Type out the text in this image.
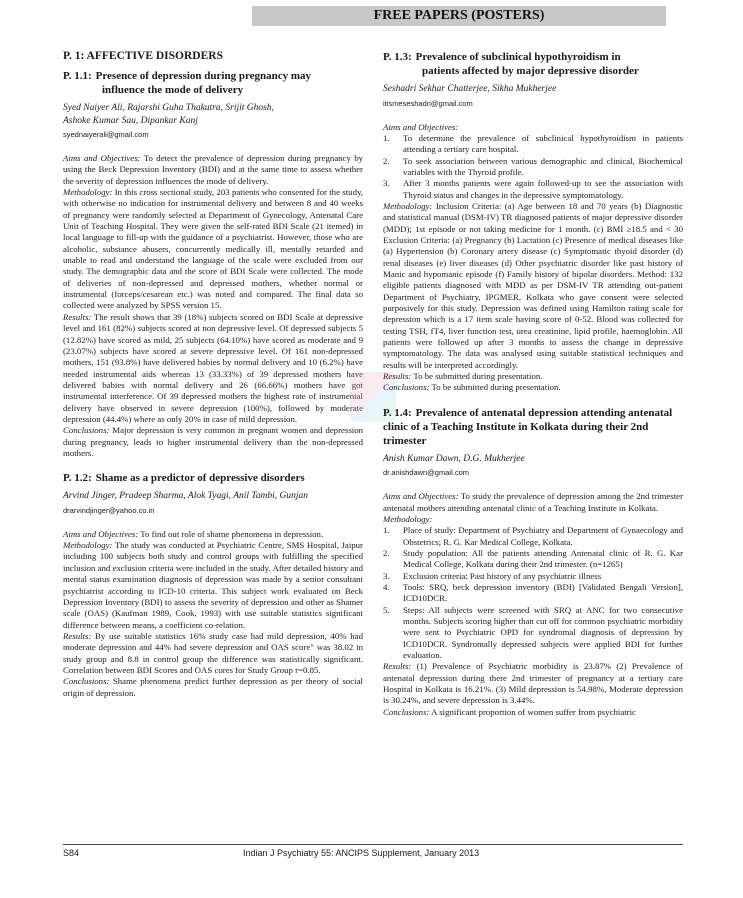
FREE PAPERS (POSTERS)
P. 1: AFFECTIVE DISORDERS
P. 1.1: Presence of depression during pregnancy may
influence the mode of delivery

Syed Naiyer Ali, Rajarshi Guha Thakutra, Srijit Ghosh,

Ashoke Kumar Sau, Dipankar Kanj

syednaiyerali@gmail.com

Aims and Objectives: To detect the prevalence of depression during pregnancy by using the Beck Depression Inventory (BDI) and at the same time to assess whether the severity of depression influences the mode of delivery.

Methodology: In this cross sectional study, 203 patients who consented for the study, with otherwise no indication for instrumental delivery and between 8 and 40 weeks of pregnancy were randomly selected at Department of Gynecology, Antenatal Care Unit of Teaching Hospital. They were given the self-rated BDI Scale (21 itemed) in local language to fill-up with the guidance of a psychiatrist. However, those who are alcoholic, substance abusers, concurrently medically ill, mentally retarded and unable to read and understand the language of the scale were excluded from our study. The demographic data and the score of BDI Scale were collected. The mode of deliveries of non-depressed and depressed mothers, whether normal or instrumental (forceps/cesarean etc.) was noted and compared. The final data so collected were analyzed by SPSS version 15.

Results: The result shows that 39 (18%) subjects scored on BDI Scale at depressive level and 161 (82%) subjects scored at non depressive level. Of depressed subjects 5 (12.82%) have scored as mild, 25 subjects (64.10%) have scored as moderate and 9 (23.07%) subjects have scored at severe depressive level. Of 161 non-depressed mothers, 151 (93.8%) have delivered babies by normal delivery and 10 (6.2%) have needed instrumental aids whereas 13 (33.33%) of 39 depressed mothers have delivered babies with normal delivery and 26 (66.66%) mothers have got instrumental interference. Of 39 depressed mothers the highest rate of instrumental delivery have observed in severe depression (100%), followed by moderate depression (44.4%) where as only 20% in case of mild depression.

Conclusions: Major depression is very common in pregnant women and depression during pregnancy, leads to higher instrumental delivery than the non-depressed mothers.

P. 1.2: Shame as a predictor of depressive disorders

Arvind Jinger, Pradeep Sharma, Alok Tyagi, Anil Tambi, Gunjan

drarvindjinger@yahoo.co.in

Aims and Objectives: To find out role of shame phenomena in depression.

Methodology: The study was conducted at Psychiatric Centre, SMS Hospital, Jaipur including 100 subjects both study and control groups with fulfilling the specified inclusion and exclusion criteria were included in the study. After detailed history and mental status examination diagnosis of depression was made by a senior consultant psychiatrist according to ICD-10 criteria. This subject work evaluated on Beck Depression Inventory (BDI) to assess the severity of depression and other as Shamer scale (OAS) (Kaufman 1989, Cook, 1993) with use suitable statistics significant difference between means, a coefficient co-relation.

Results: By use suitable statistics 16% study case had mild depression, 40% had moderate depression and 44% had severe depression and OAS score" was 38.02 in study group and 8.8 in control group the difference was statistically significant. Correlation between BDI Scores and OAS cores for Study Group r=0.85.

Conclusions: Shame phenomena predict further depression as per theory of social origin of depression.

P. 1.3: Prevalence of subclinical hypothyroidism in
patients affected by major depressive disorder

Seshadri Sekhar Chatterjee, Sikha Mukherjee

itismeseshadri@gmail.com

Aims and Objectives:

1. To determine the prevalence of subclinical hypothyroidism in patients attending a tertiary care hospital.
2. To seek association between various demographic and clinical, Biochemical variables with the Thyroid profile.
3. After 3 months patients were again followed-up to see the association with Thyroid status and changes in the depressive symptomatology.

Methodology: Inclusion Criteria: (a) Age between 18 and 70 years (b) Diagnostic and statistical manual (DSM-IV) TR diagnosed patients of major depressive disorder (MDD); 1st episode or not taking medicine for 1 month. (c) BMI ≥18.5 and < 30 Exclusion Criteria: (a) Pregnancy (b) Lactation (c) Presence of medical diseases like (a) Hypertension (b) Coronary artery disease (c) Symptomatic thyoid disorder (d) renal diseases (e) liver diseases (d) Other psychiatric disorder like past history of Manic and hypomanic episode (f) Family history of bipolar disorders. Method: 132 eligible patients diagnosed with MDD as per DSM-IV TR attending out-patient Department of Psychiatry, IPGMER, Kolkata who gave consent were selected purposively for this study. Depression was defined using Hamilton rating scale for depression which is a 17 item scale having score of 0-52. Blood was collected for testing TSH, fT4, liver function test, urea creatinine, lipid profile, haemoglobin. All patients were followed up after 3 months to assess the change in depressive symptomatology. The data was analysed using suitable statistical techniques and results will be interpreted accordingly.

Results: To be submitted during presentation.

Conclusions: To be submitted during presentation.

P. 1.4: Prevalence of antenatal depression attending antenatal clinic of a Teaching Institute in Kolkata during their 2nd trimester

Anish Kumar Dawn, D.G. Mukherjee

dr.anishdawn@gmail.com

Aims and Objectives: To study the prevalence of depression among the 2nd trimester antenatal mothers attending antenatal clinic of a Teaching Institute in Kolkata.

Methodology:

1. Place of study: Department of Psychiatry and Department of Gynaecology and Obstetrics; R. G. Kar Medical College, Kolkata.
2. Study population: All the patients attending Antenatal clinic of R. G. Kar Medical College, Kolkata during their 2nd trimester. (n=1265)
3. Exclusion criteria: Past history of any psychiatric illness
4. Tools: SRQ, beck depression inventory (BDI) [Validated Bengali Version], ICD10DCR.
5. Steps: All subjects were screened with SRQ at ANC for two consecutive months. Subjects scoring higher than cut off for common psychiatric morbidity were sent to Psychiatric OPD for syndromal diagnosis of depression by ICD10DCR. Syndromally depressed subjects were applied BDI for further evaluation.

Results: (1) Prevalence of Psychiatric morbidity is 23.87% (2) Prevalence of antenatal depression during there 2nd trimester of pregnancy at a tertiary care Hospital in Kolkata is 16.21%. (3) Mild depression is 54.98%, Moderate depression is 30.24%, and severe depression is 3.44%.

Conclusions: A significant proportion of women suffer from psychiatric

S84	Indian J Psychiatry 55: ANCIPS Supplement, January 2013
